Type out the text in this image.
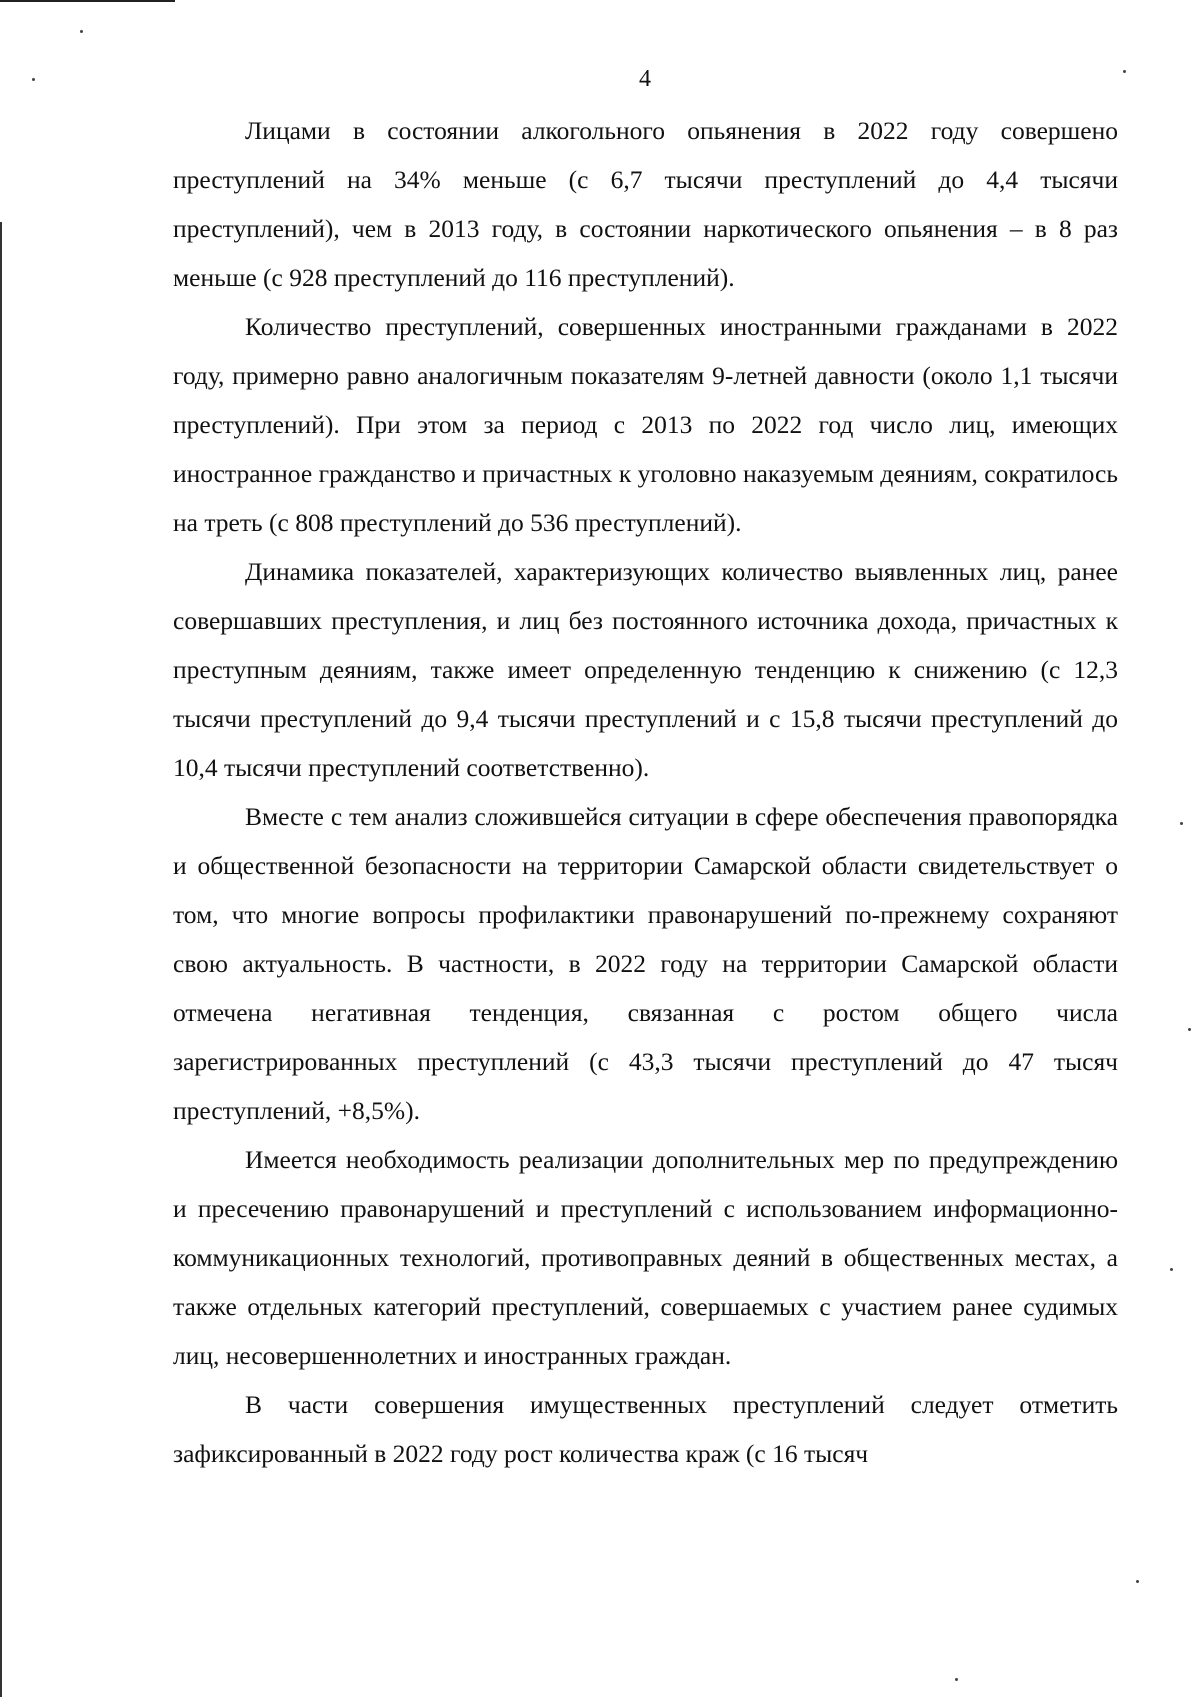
4

Лицами в состоянии алкогольного опьянения в 2022 году совершено преступлений на 34% меньше (с 6,7 тысячи преступлений до 4,4 тысячи преступлений), чем в 2013 году, в состоянии наркотического опьянения – в 8 раз меньше (с 928 преступлений до 116 преступлений).

Количество преступлений, совершенных иностранными гражданами в 2022 году, примерно равно аналогичным показателям 9-летней давности (около 1,1 тысячи преступлений). При этом за период с 2013 по 2022 год число лиц, имеющих иностранное гражданство и причастных к уголовно наказуемым деяниям, сократилось на треть (с 808 преступлений до 536 преступлений).

Динамика показателей, характеризующих количество выявленных лиц, ранее совершавших преступления, и лиц без постоянного источника дохода, причастных к преступным деяниям, также имеет определенную тенденцию к снижению (с 12,3 тысячи преступлений до 9,4 тысячи преступлений и с 15,8 тысячи преступлений до 10,4 тысячи преступлений соответственно).

Вместе с тем анализ сложившейся ситуации в сфере обеспечения правопорядка и общественной безопасности на территории Самарской области свидетельствует о том, что многие вопросы профилактики правонарушений по-прежнему сохраняют свою актуальность. В частности, в 2022 году на территории Самарской области отмечена негативная тенденция, связанная с ростом общего числа зарегистрированных преступлений (с 43,3 тысячи преступлений до 47 тысяч преступлений, +8,5%).

Имеется необходимость реализации дополнительных мер по предупреждению и пресечению правонарушений и преступлений с использованием информационно-коммуникационных технологий, противоправных деяний в общественных местах, а также отдельных категорий преступлений, совершаемых с участием ранее судимых лиц, несовершеннолетних и иностранных граждан.

В части совершения имущественных преступлений следует отметить зафиксированный в 2022 году рост количества краж (с 16 тысяч
